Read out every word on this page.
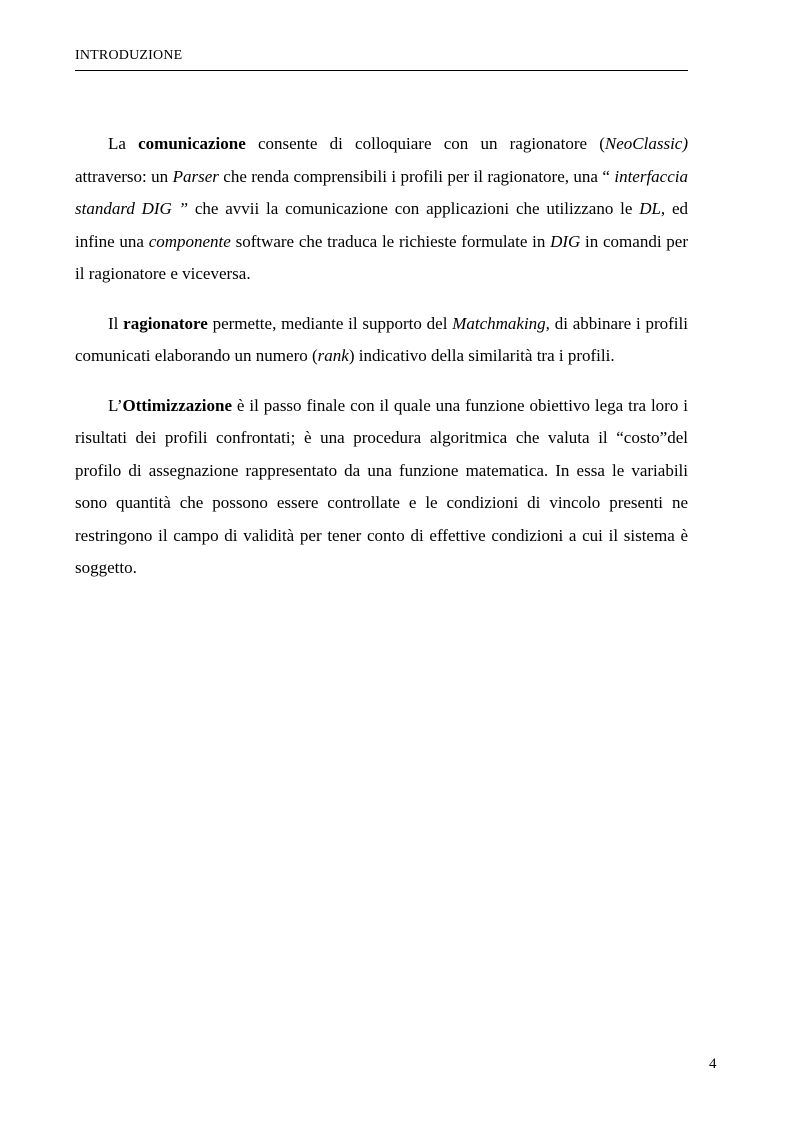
INTRODUZIONE

La comunicazione consente di colloquiare con un ragionatore (NeoClassic) attraverso: un Parser che renda comprensibili i profili per il ragionatore, una “ interfaccia standard DIG ” che avvii la comunicazione con applicazioni che utilizzano le DL, ed infine una componente software che traduca le richieste formulate in DIG in comandi per il ragionatore e viceversa.

Il ragionatore permette, mediante il supporto del Matchmaking, di abbinare i profili comunicati elaborando un numero (rank) indicativo della similarità tra i profili.

L’Ottimizzazione è il passo finale con il quale una funzione obiettivo lega tra loro i risultati dei profili confrontati; è una procedura algoritmica che valuta il “costo”del profilo di assegnazione rappresentato da una funzione matematica. In essa le variabili sono quantità che possono essere controllate e le condizioni di vincolo presenti ne restringono il campo di validità per tener conto di effettive condizioni a cui il sistema è soggetto.

4
